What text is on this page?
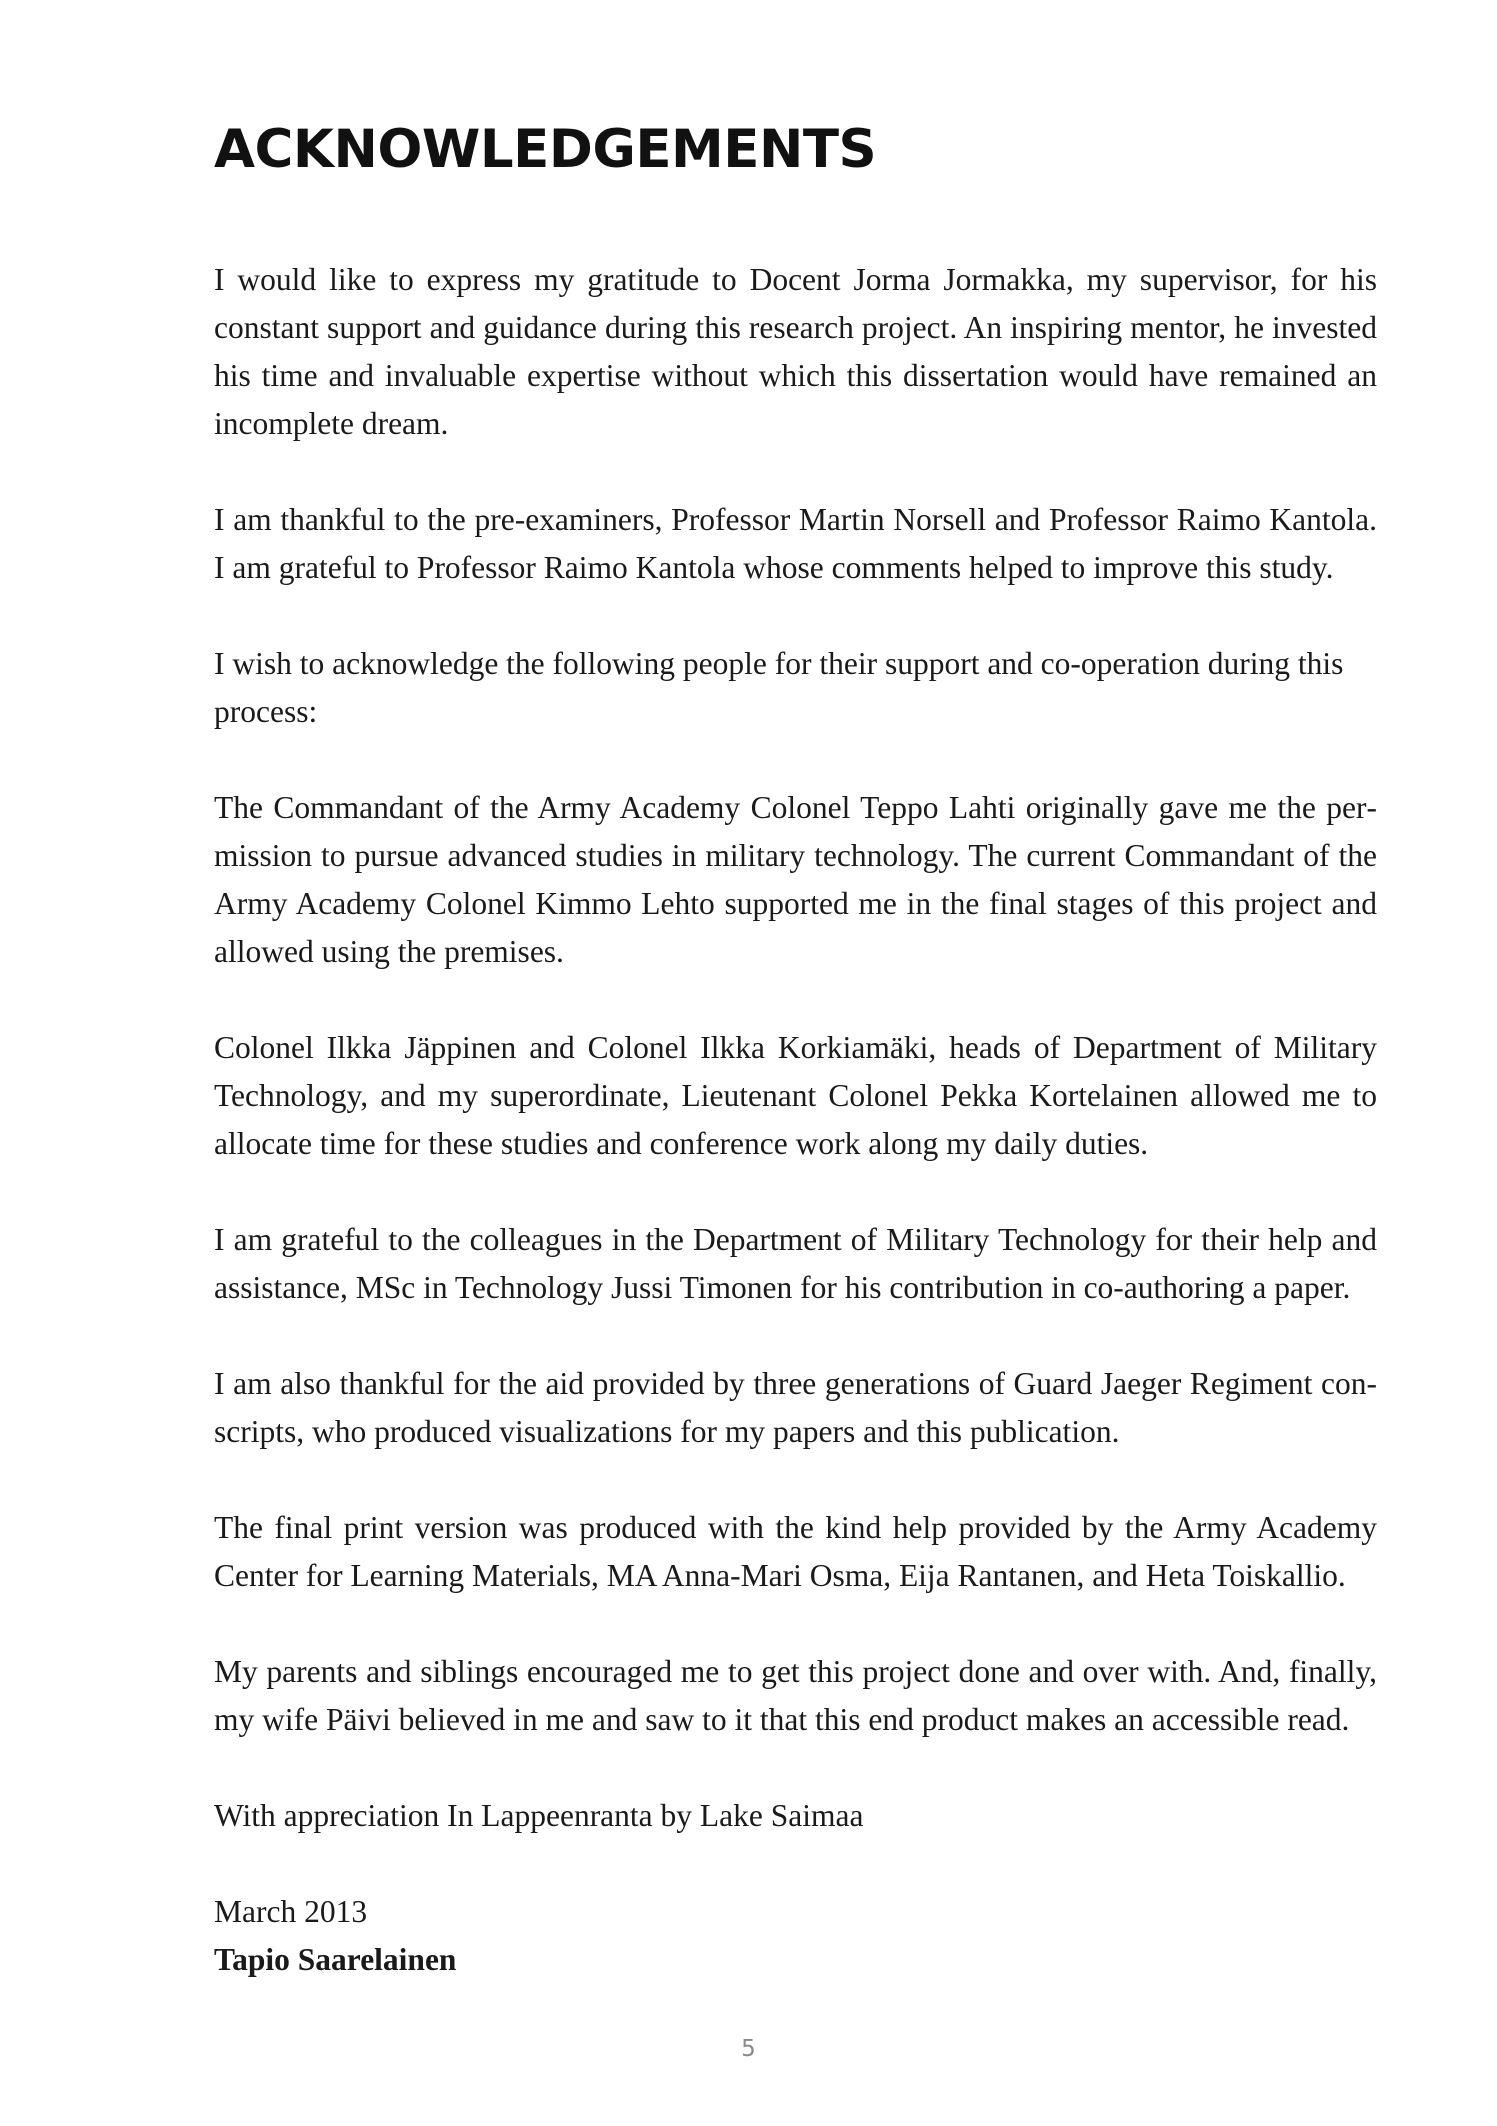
ACKNOWLEDGEMENTS

I would like to express my gratitude to Docent Jorma Jormakka, my supervisor, for his constant support and guidance during this research project. An inspiring mentor, he invested his time and invaluable expertise without which this dissertation would have remained an incomplete dream.

I am thankful to the pre-examiners, Professor Martin Norsell and Professor Raimo Kantola. I am grateful to Professor Raimo Kantola whose comments helped to improve this study.

I wish to acknowledge the following people for their support and co-operation during this process:

The Commandant of the Army Academy Colonel Teppo Lahti originally gave me the permission to pursue advanced studies in military technology. The current Commandant of the Army Academy Colonel Kimmo Lehto supported me in the final stages of this project and allowed using the premises.

Colonel Ilkka Jäppinen and Colonel Ilkka Korkiamäki, heads of Department of Military Technology, and my superordinate, Lieutenant Colonel Pekka Kortelainen allowed me to allocate time for these studies and conference work along my daily duties.

I am grateful to the colleagues in the Department of Military Technology for their help and assistance, MSc in Technology Jussi Timonen for his contribution in co-authoring a paper.

I am also thankful for the aid provided by three generations of Guard Jaeger Regiment conscripts, who produced visualizations for my papers and this publication.

The final print version was produced with the kind help provided by the Army Academy Center for Learning Materials, MA Anna-Mari Osma, Eija Rantanen, and Heta Toiskallio.

My parents and siblings encouraged me to get this project done and over with. And, finally, my wife Päivi believed in me and saw to it that this end product makes an accessible read.

With appreciation In Lappeenranta by Lake Saimaa

March 2013

Tapio Saarelainen

5
